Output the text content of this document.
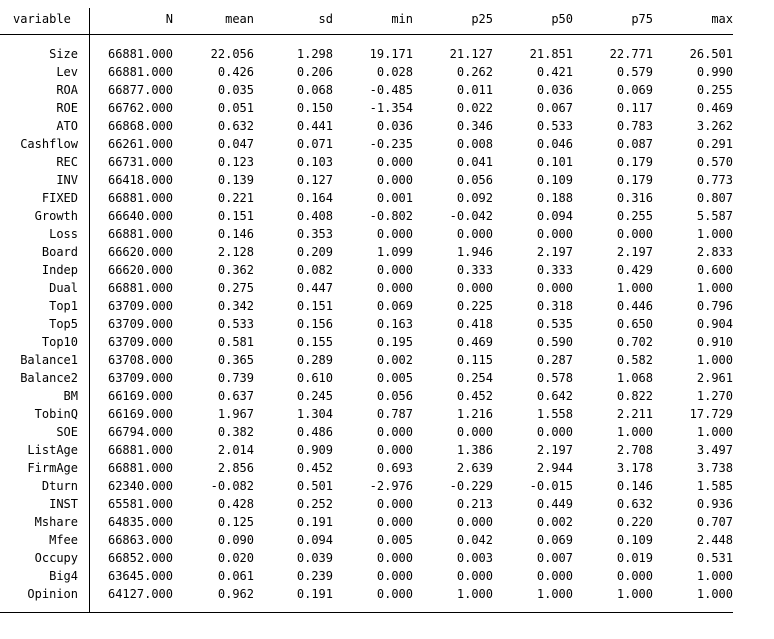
variable	N	mean	sd	min	p25	p50	p75	max
Size	66881.000	22.056	1.298	19.171	21.127	21.851	22.771	26.501
Lev	66881.000	0.426	0.206	0.028	0.262	0.421	0.579	0.990
ROA	66877.000	0.035	0.068	-0.485	0.011	0.036	0.069	0.255
ROE	66762.000	0.051	0.150	-1.354	0.022	0.067	0.117	0.469
ATO	66868.000	0.632	0.441	0.036	0.346	0.533	0.783	3.262
Cashflow	66261.000	0.047	0.071	-0.235	0.008	0.046	0.087	0.291
REC	66731.000	0.123	0.103	0.000	0.041	0.101	0.179	0.570
INV	66418.000	0.139	0.127	0.000	0.056	0.109	0.179	0.773
FIXED	66881.000	0.221	0.164	0.001	0.092	0.188	0.316	0.807
Growth	66640.000	0.151	0.408	-0.802	-0.042	0.094	0.255	5.587
Loss	66881.000	0.146	0.353	0.000	0.000	0.000	0.000	1.000
Board	66620.000	2.128	0.209	1.099	1.946	2.197	2.197	2.833
Indep	66620.000	0.362	0.082	0.000	0.333	0.333	0.429	0.600
Dual	66881.000	0.275	0.447	0.000	0.000	0.000	1.000	1.000
Top1	63709.000	0.342	0.151	0.069	0.225	0.318	0.446	0.796
Top5	63709.000	0.533	0.156	0.163	0.418	0.535	0.650	0.904
Top10	63709.000	0.581	0.155	0.195	0.469	0.590	0.702	0.910
Balance1	63708.000	0.365	0.289	0.002	0.115	0.287	0.582	1.000
Balance2	63709.000	0.739	0.610	0.005	0.254	0.578	1.068	2.961
BM	66169.000	0.637	0.245	0.056	0.452	0.642	0.822	1.270
TobinQ	66169.000	1.967	1.304	0.787	1.216	1.558	2.211	17.729
SOE	66794.000	0.382	0.486	0.000	0.000	0.000	1.000	1.000
ListAge	66881.000	2.014	0.909	0.000	1.386	2.197	2.708	3.497
FirmAge	66881.000	2.856	0.452	0.693	2.639	2.944	3.178	3.738
Dturn	62340.000	-0.082	0.501	-2.976	-0.229	-0.015	0.146	1.585
INST	65581.000	0.428	0.252	0.000	0.213	0.449	0.632	0.936
Mshare	64835.000	0.125	0.191	0.000	0.000	0.002	0.220	0.707
Mfee	66863.000	0.090	0.094	0.005	0.042	0.069	0.109	2.448
Occupy	66852.000	0.020	0.039	0.000	0.003	0.007	0.019	0.531
Big4	63645.000	0.061	0.239	0.000	0.000	0.000	0.000	1.000
Opinion	64127.000	0.962	0.191	0.000	1.000	1.000	1.000	1.000
